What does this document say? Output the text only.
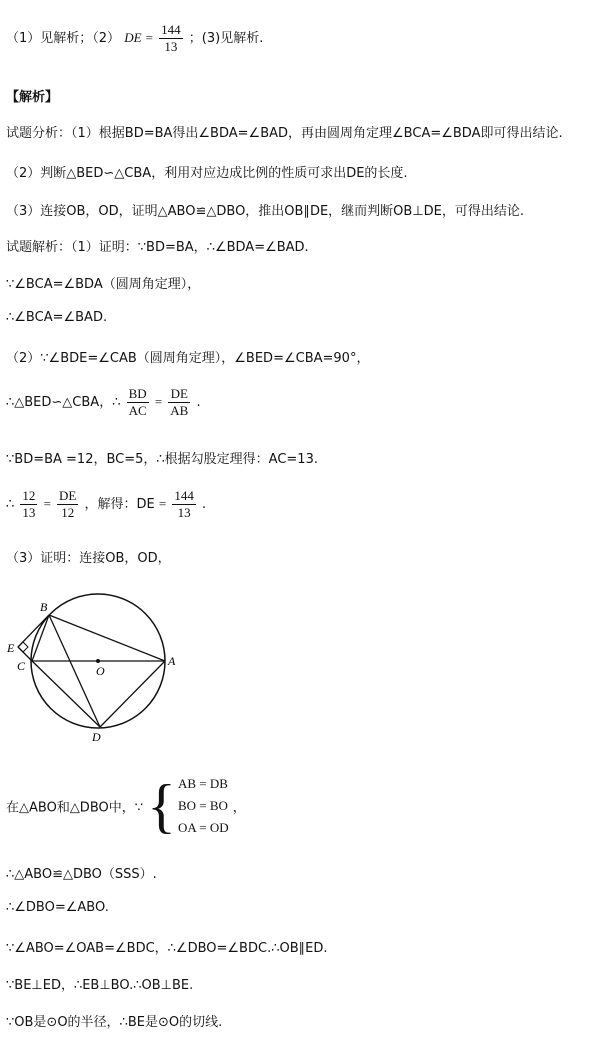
（1）见解析；（2） DE = $\frac{144}{13}$ ；(3)见解析.
【解析】
试题分析：（1）根据BD=BA得出∠BDA=∠BAD，再由圆周角定理∠BCA=∠BDA即可得出结论.
（2）判断△BED∽△CBA，利用对应边成比例的性质可求出DE的长度.
（3）连接OB，OD，证明△ABO≌△DBO，推出OB∥DE，继而判断OB⊥DE，可得出结论.
试题解析：（1）证明：∵BD=BA，∴∠BDA=∠BAD.
∵∠BCA=∠BDA（圆周角定理），
∴∠BCA=∠BAD.
（2）∵∠BDE=∠CAB（圆周角定理），∠BED=∠CBA=90°，
∴△BED∽△CBA，∴ $\frac{BD}{AC} = \frac{DE}{AB}$ .
∵BD=BA =12，BC=5，∴根据勾股定理得：AC=13.
∴ $\frac{12}{13} = \frac{DE}{12}$ ，解得：DE = $\frac{144}{13}$ .
（3）证明：连接OB，OD，
B
E
C	O
A
D
在△ABO和△DBO中，∵ { AB = DB
BO = BO
OA = OD
，
∴△ABO≌△DBO（SSS）.
∴∠DBO=∠ABO.
∵∠ABO=∠OAB=∠BDC，∴∠DBO=∠BDC.∴OB∥ED.
∵BE⊥ED，∴EB⊥BO.∴OB⊥BE.
∵OB是⊙O的半径，∴BE是⊙O的切线.
